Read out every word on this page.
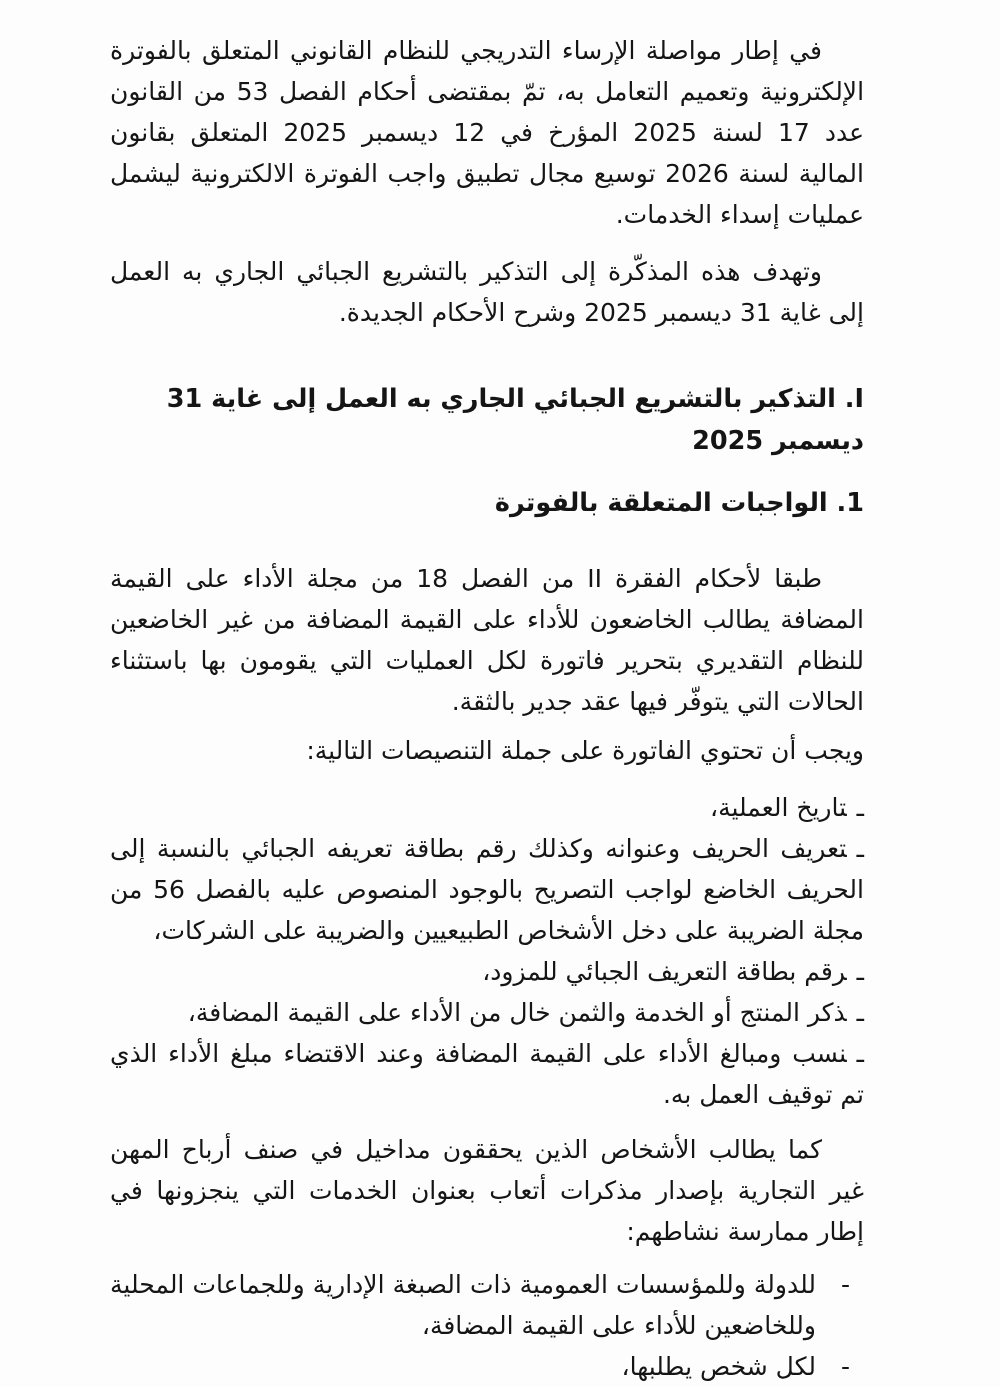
في إطار مواصلة الإرساء التدريجي للنظام القانوني المتعلق بالفوترة الإلكترونية وتعميم التعامل به، تمّ بمقتضى أحكام الفصل 53 من القانون عدد 17 لسنة 2025 المؤرخ في 12 ديسمبر 2025 المتعلق بقانون المالية لسنة 2026 توسيع مجال تطبيق واجب الفوترة الالكترونية ليشمل عمليات إسداء الخدمات.

وتهدف هذه المذكّرة إلى التذكير بالتشريع الجبائي الجاري به العمل إلى غاية 31 ديسمبر 2025 وشرح الأحكام الجديدة.

I. التذكير بالتشريع الجبائي الجاري به العمل إلى غاية 31 ديسمبر 2025
1. الواجبات المتعلقة بالفوترة

طبقا لأحكام الفقرة II من الفصل 18 من مجلة الأداء على القيمة المضافة يطالب الخاضعون للأداء على القيمة المضافة من غير الخاضعين للنظام التقديري بتحرير فاتورة لكل العمليات التي يقومون بها باستثناء الحالات التي يتوفّر فيها عقد جدير بالثقة.

ويجب أن تحتوي الفاتورة على جملة التنصيصات التالية:

ـتاريخ العملية،
ـتعريف الحريف وعنوانه وكذلك رقم بطاقة تعريفه الجبائي بالنسبة إلى الحريف الخاضع لواجب التصريح بالوجود المنصوص عليه بالفصل 56 من مجلة الضريبة على دخل الأشخاص الطبيعيين والضريبة على الشركات،
ـرقم بطاقة التعريف الجبائي للمزود،
ـذكر المنتج أو الخدمة والثمن خال من الأداء على القيمة المضافة،
ـنسب ومبالغ الأداء على القيمة المضافة وعند الاقتضاء مبلغ الأداء الذي تم توقيف العمل به.

كما يطالب الأشخاص الذين يحققون مداخيل في صنف أرباح المهن غير التجارية بإصدار مذكرات أتعاب بعنوان الخدمات التي ينجزونها في إطار ممارسة نشاطهم:

-
للدولة وللمؤسسات العمومية ذات الصبغة الإدارية وللجماعات المحلية وللخاضعين للأداء على القيمة المضافة،
-
لكل شخص يطلبها،
